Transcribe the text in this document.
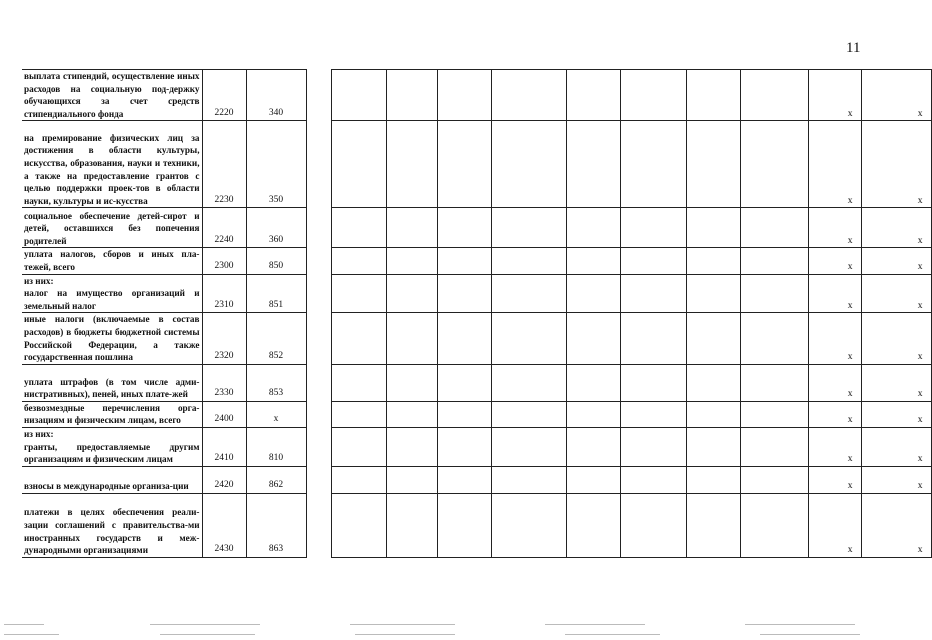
11
выплата стипендий, осуществление иных расходов на социальную под-держку обучающихся за счет средств стипендиального фонда	2220	340										x	x
на премирование физических лиц за достижения в области культуры, искусства, образования, науки и техники, а также на предоставление грантов с целью поддержки проек-тов в области науки, культуры и ис-кусства	2230	350										x	x
социальное обеспечение детей-сирот и детей, оставшихся без попечения родителей	2240	360										x	x
уплата налогов, сборов и иных пла-тежей, всего	2300	850										x	x
из них:
налог на имущество организаций и земельный налог	2310	851										x	x
иные налоги (включаемые в состав расходов) в бюджеты бюджетной системы Российской Федерации, а также государственная пошлина	2320	852										x	x
уплата штрафов (в том числе адми-нистративных), пеней, иных плате-жей	2330	853										x	x
безвозмездные перечисления орга-низациям и физическим лицам, всего	2400	x										x	x
из них:
гранты, предоставляемые другим организациям и физическим лицам	2410	810										x	x
взносы в международные организа-ции	2420	862										x	x
платежи в целях обеспечения реали-зации соглашений с правительства-ми иностранных государств и меж-дународными организациями	2430	863										x	x
